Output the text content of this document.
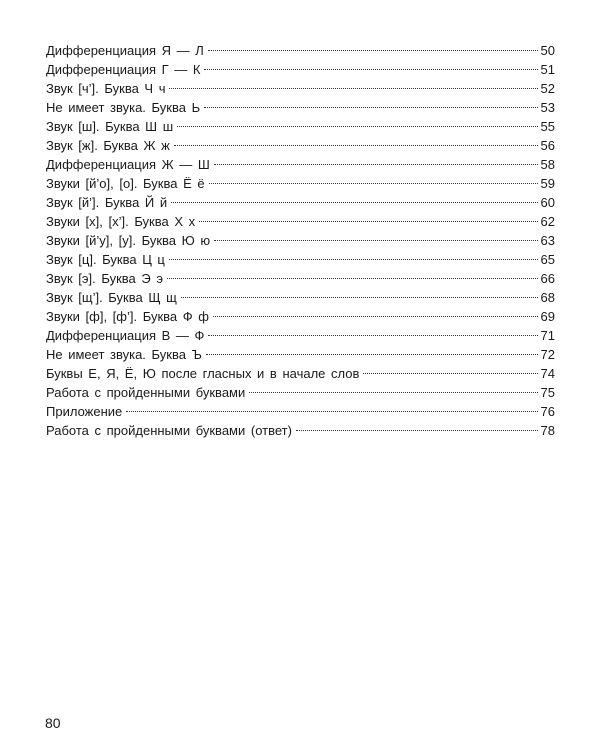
Дифференциация Я — Л	50
Дифференциация Г — К	51
Звук [ч’]. Буква Ч ч	52
Не имеет звука. Буква Ь	53
Звук [ш]. Буква Ш ш	55
Звук [ж]. Буква Ж ж	56
Дифференциация Ж — Ш	58
Звуки [й’о], [о]. Буква Ё ё	59
Звук [й’]. Буква Й й	60
Звуки [х], [х’]. Буква Х х	62
Звуки [й’у], [у]. Буква Ю ю	63
Звук [ц]. Буква Ц ц	65
Звук [э]. Буква Э э	66
Звук [щ’]. Буква Щ щ	68
Звуки [ф], [ф’]. Буква Ф ф	69
Дифференциация В — Ф	71
Не имеет звука. Буква Ъ	72
Буквы Е, Я, Ё, Ю после гласных и в начале слов	74
Работа с пройденными буквами	75
Приложение	76
Работа с пройденными буквами (ответ)	78
80
